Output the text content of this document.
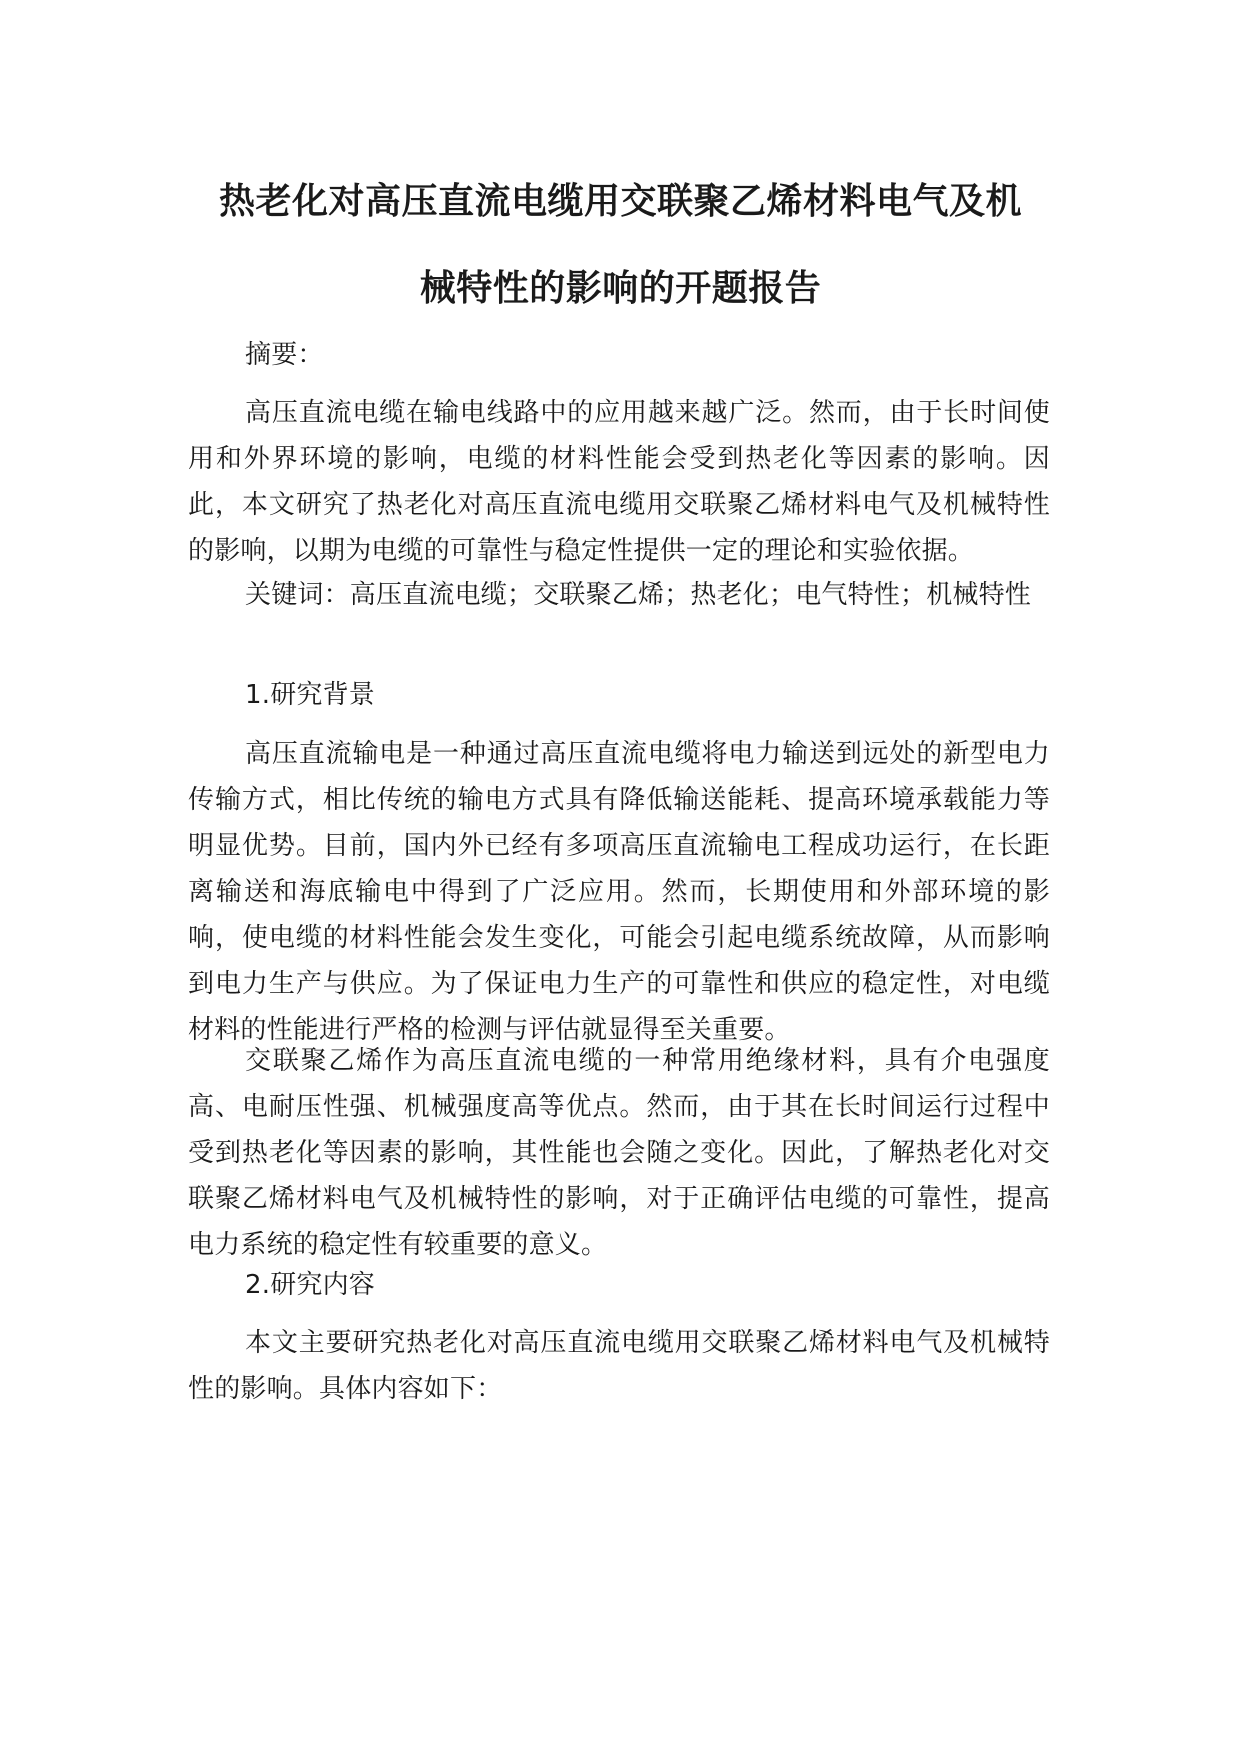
热老化对高压直流电缆用交联聚乙烯材料电气及机
械特性的影响的开题报告

摘要：

高压直流电缆在输电线路中的应用越来越广泛。然而，由于长时间使用和外界环境的影响，电缆的材料性能会受到热老化等因素的影响。因此，本文研究了热老化对高压直流电缆用交联聚乙烯材料电气及机械特性的影响，以期为电缆的可靠性与稳定性提供一定的理论和实验依据。

关键词：高压直流电缆；交联聚乙烯；热老化；电气特性；机械特性

1.研究背景

高压直流输电是一种通过高压直流电缆将电力输送到远处的新型电力传输方式，相比传统的输电方式具有降低输送能耗、提高环境承载能力等明显优势。目前，国内外已经有多项高压直流输电工程成功运行，在长距离输送和海底输电中得到了广泛应用。然而，长期使用和外部环境的影响，使电缆的材料性能会发生变化，可能会引起电缆系统故障，从而影响到电力生产与供应。为了保证电力生产的可靠性和供应的稳定性，对电缆材料的性能进行严格的检测与评估就显得至关重要。

交联聚乙烯作为高压直流电缆的一种常用绝缘材料，具有介电强度高、电耐压性强、机械强度高等优点。然而，由于其在长时间运行过程中受到热老化等因素的影响，其性能也会随之变化。因此，了解热老化对交联聚乙烯材料电气及机械特性的影响，对于正确评估电缆的可靠性，提高电力系统的稳定性有较重要的意义。

2.研究内容

本文主要研究热老化对高压直流电缆用交联聚乙烯材料电气及机械特性的影响。具体内容如下：
